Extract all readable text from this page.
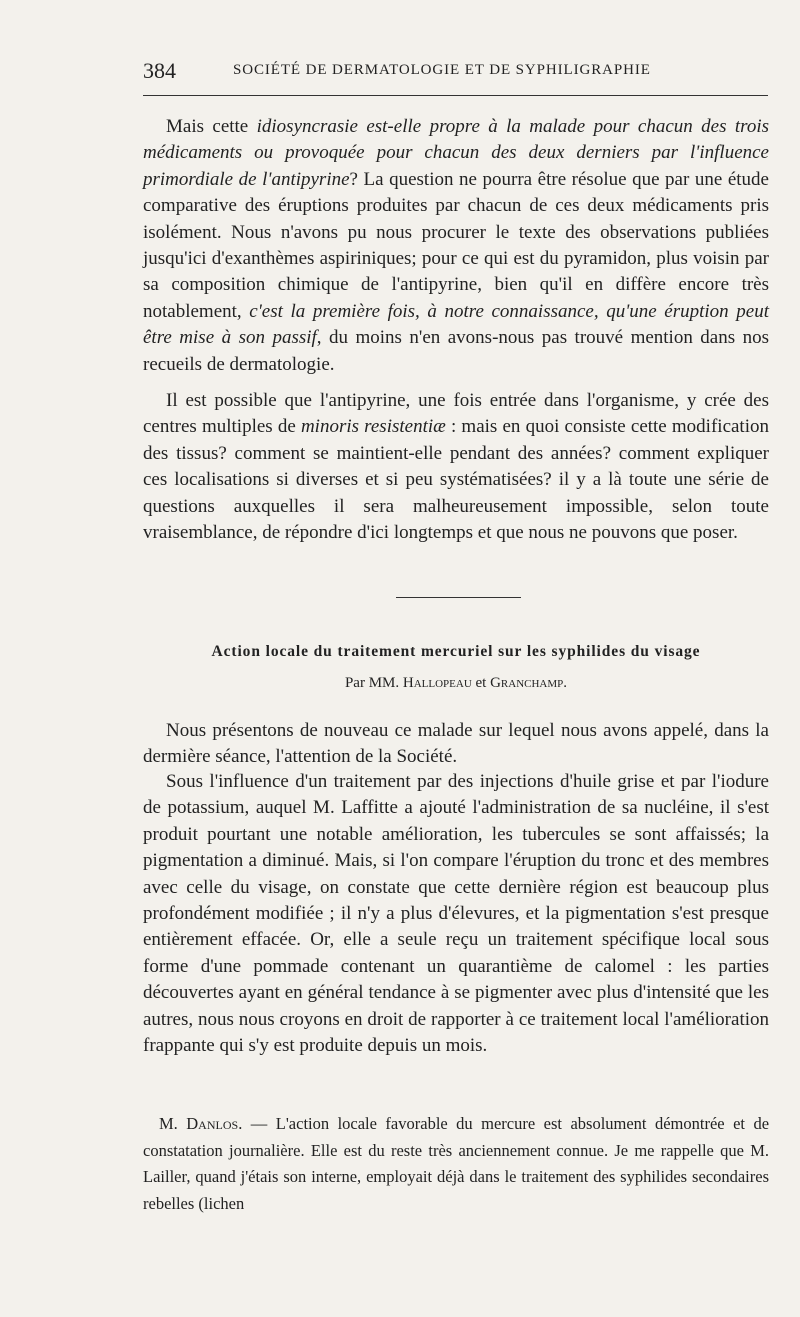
384	SOCIÉTÉ DE DERMATOLOGIE ET DE SYPHILIGRAPHIE

Mais cette idiosyncrasie est-elle propre à la malade pour chacun des trois médicaments ou provoquée pour chacun des deux derniers par l'influence primordiale de l'antipyrine? La question ne pourra être résolue que par une étude comparative des éruptions produites par chacun de ces deux médicaments pris isolément. Nous n'avons pu nous procurer le texte des observations publiées jusqu'ici d'exanthèmes aspiriniques; pour ce qui est du pyramidon, plus voisin par sa composition chimique de l'antipyrine, bien qu'il en diffère encore très notablement, c'est la première fois, à notre connaissance, qu'une éruption peut être mise à son passif, du moins n'en avons-nous pas trouvé mention dans nos recueils de dermatologie.

Il est possible que l'antipyrine, une fois entrée dans l'organisme, y crée des centres multiples de minoris resistentiæ : mais en quoi consiste cette modification des tissus? comment se maintient-elle pendant des années? comment expliquer ces localisations si diverses et si peu systématisées? il y a là toute une série de questions auxquelles il sera malheureusement impossible, selon toute vraisemblance, de répondre d'ici longtemps et que nous ne pouvons que poser.

Action locale du traitement mercuriel sur les syphilides du visage
Par MM. Hallopeau et Granchamp.

Nous présentons de nouveau ce malade sur lequel nous avons appelé, dans la dermière séance, l'attention de la Société.

Sous l'influence d'un traitement par des injections d'huile grise et par l'iodure de potassium, auquel M. Laffitte a ajouté l'administration de sa nucléine, il s'est produit pourtant une notable amélioration, les tubercules se sont affaissés; la pigmentation a diminué. Mais, si l'on compare l'éruption du tronc et des membres avec celle du visage, on constate que cette dernière région est beaucoup plus profondément modifiée ; il n'y a plus d'élevures, et la pigmentation s'est presque entièrement effacée. Or, elle a seule reçu un traitement spécifique local sous forme d'une pommade contenant un quarantième de calomel : les parties découvertes ayant en général tendance à se pigmenter avec plus d'intensité que les autres, nous nous croyons en droit de rapporter à ce traitement local l'amélioration frappante qui s'y est produite depuis un mois.

M. Danlos. — L'action locale favorable du mercure est absolument démontrée et de constatation journalière. Elle est du reste très anciennement connue. Je me rappelle que M. Lailler, quand j'étais son interne, employait déjà dans le traitement des syphilides secondaires rebelles (lichen
